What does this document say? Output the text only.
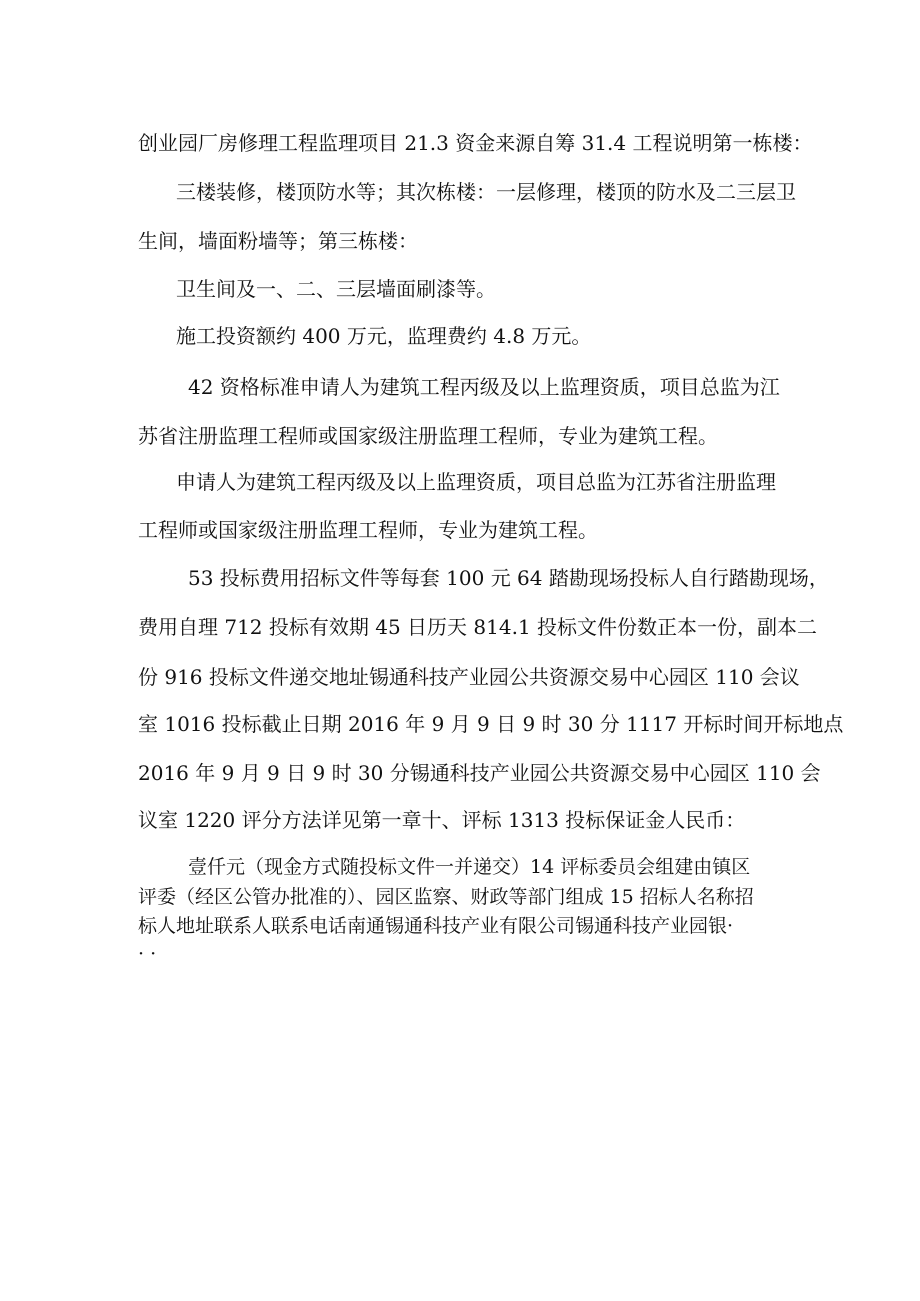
创业园厂房修理工程监理项目 21.3 资金来源自筹 31.4 工程说明第一栋楼：
三楼装修，楼顶防水等；其次栋楼：一层修理，楼顶的防水及二三层卫
生间，墙面粉墙等；第三栋楼：
卫生间及一、二、三层墙面刷漆等。
施工投资额约 400 万元，监理费约 4.8 万元。
42 资格标准申请人为建筑工程丙级及以上监理资质，项目总监为江
苏省注册监理工程师或国家级注册监理工程师，专业为建筑工程。
申请人为建筑工程丙级及以上监理资质，项目总监为江苏省注册监理
工程师或国家级注册监理工程师，专业为建筑工程。
53 投标费用招标文件等每套 100 元 64 踏勘现场投标人自行踏勘现场，
费用自理 712 投标有效期 45 日历天 814.1 投标文件份数正本一份，副本二
份 916 投标文件递交地址锡通科技产业园公共资源交易中心园区 110 会议
室 1016 投标截止日期 2016 年 9 月 9 日 9 时 30 分 1117 开标时间开标地点
2016 年 9 月 9 日 9 时 30 分锡通科技产业园公共资源交易中心园区 110 会
议室 1220 评分方法详见第一章十、评标 1313 投标保证金人民币：
壹仟元（现金方式随投标文件一并递交）14 评标委员会组建由镇区
评委（经区公管办批准的）、园区监察、财政等部门组成 15 招标人名称招
标人地址联系人联系电话南通锡通科技产业有限公司锡通科技产业园银·
· ·
